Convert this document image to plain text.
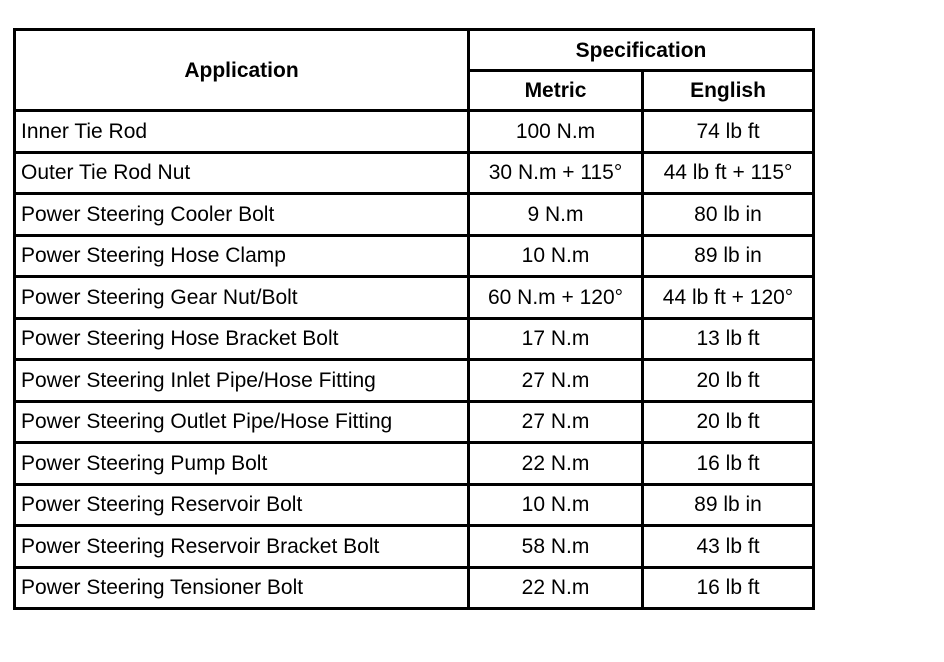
Application	Specification	
	Metric	English
Inner Tie Rod	100 N.m	74 lb ft
Outer Tie Rod Nut	30 N.m + 115°	44 lb ft + 115°
Power Steering Cooler Bolt	9 N.m	80 lb in
Power Steering Hose Clamp	10 N.m	89 lb in
Power Steering Gear Nut/Bolt	60 N.m + 120°	44 lb ft + 120°
Power Steering Hose Bracket Bolt	17 N.m	13 lb ft
Power Steering Inlet Pipe/Hose Fitting	27 N.m	20 lb ft
Power Steering Outlet Pipe/Hose Fitting	27 N.m	20 lb ft
Power Steering Pump Bolt	22 N.m	16 lb ft
Power Steering Reservoir Bolt	10 N.m	89 lb in
Power Steering Reservoir Bracket Bolt	58 N.m	43 lb ft
Power Steering Tensioner Bolt	22 N.m	16 lb ft
